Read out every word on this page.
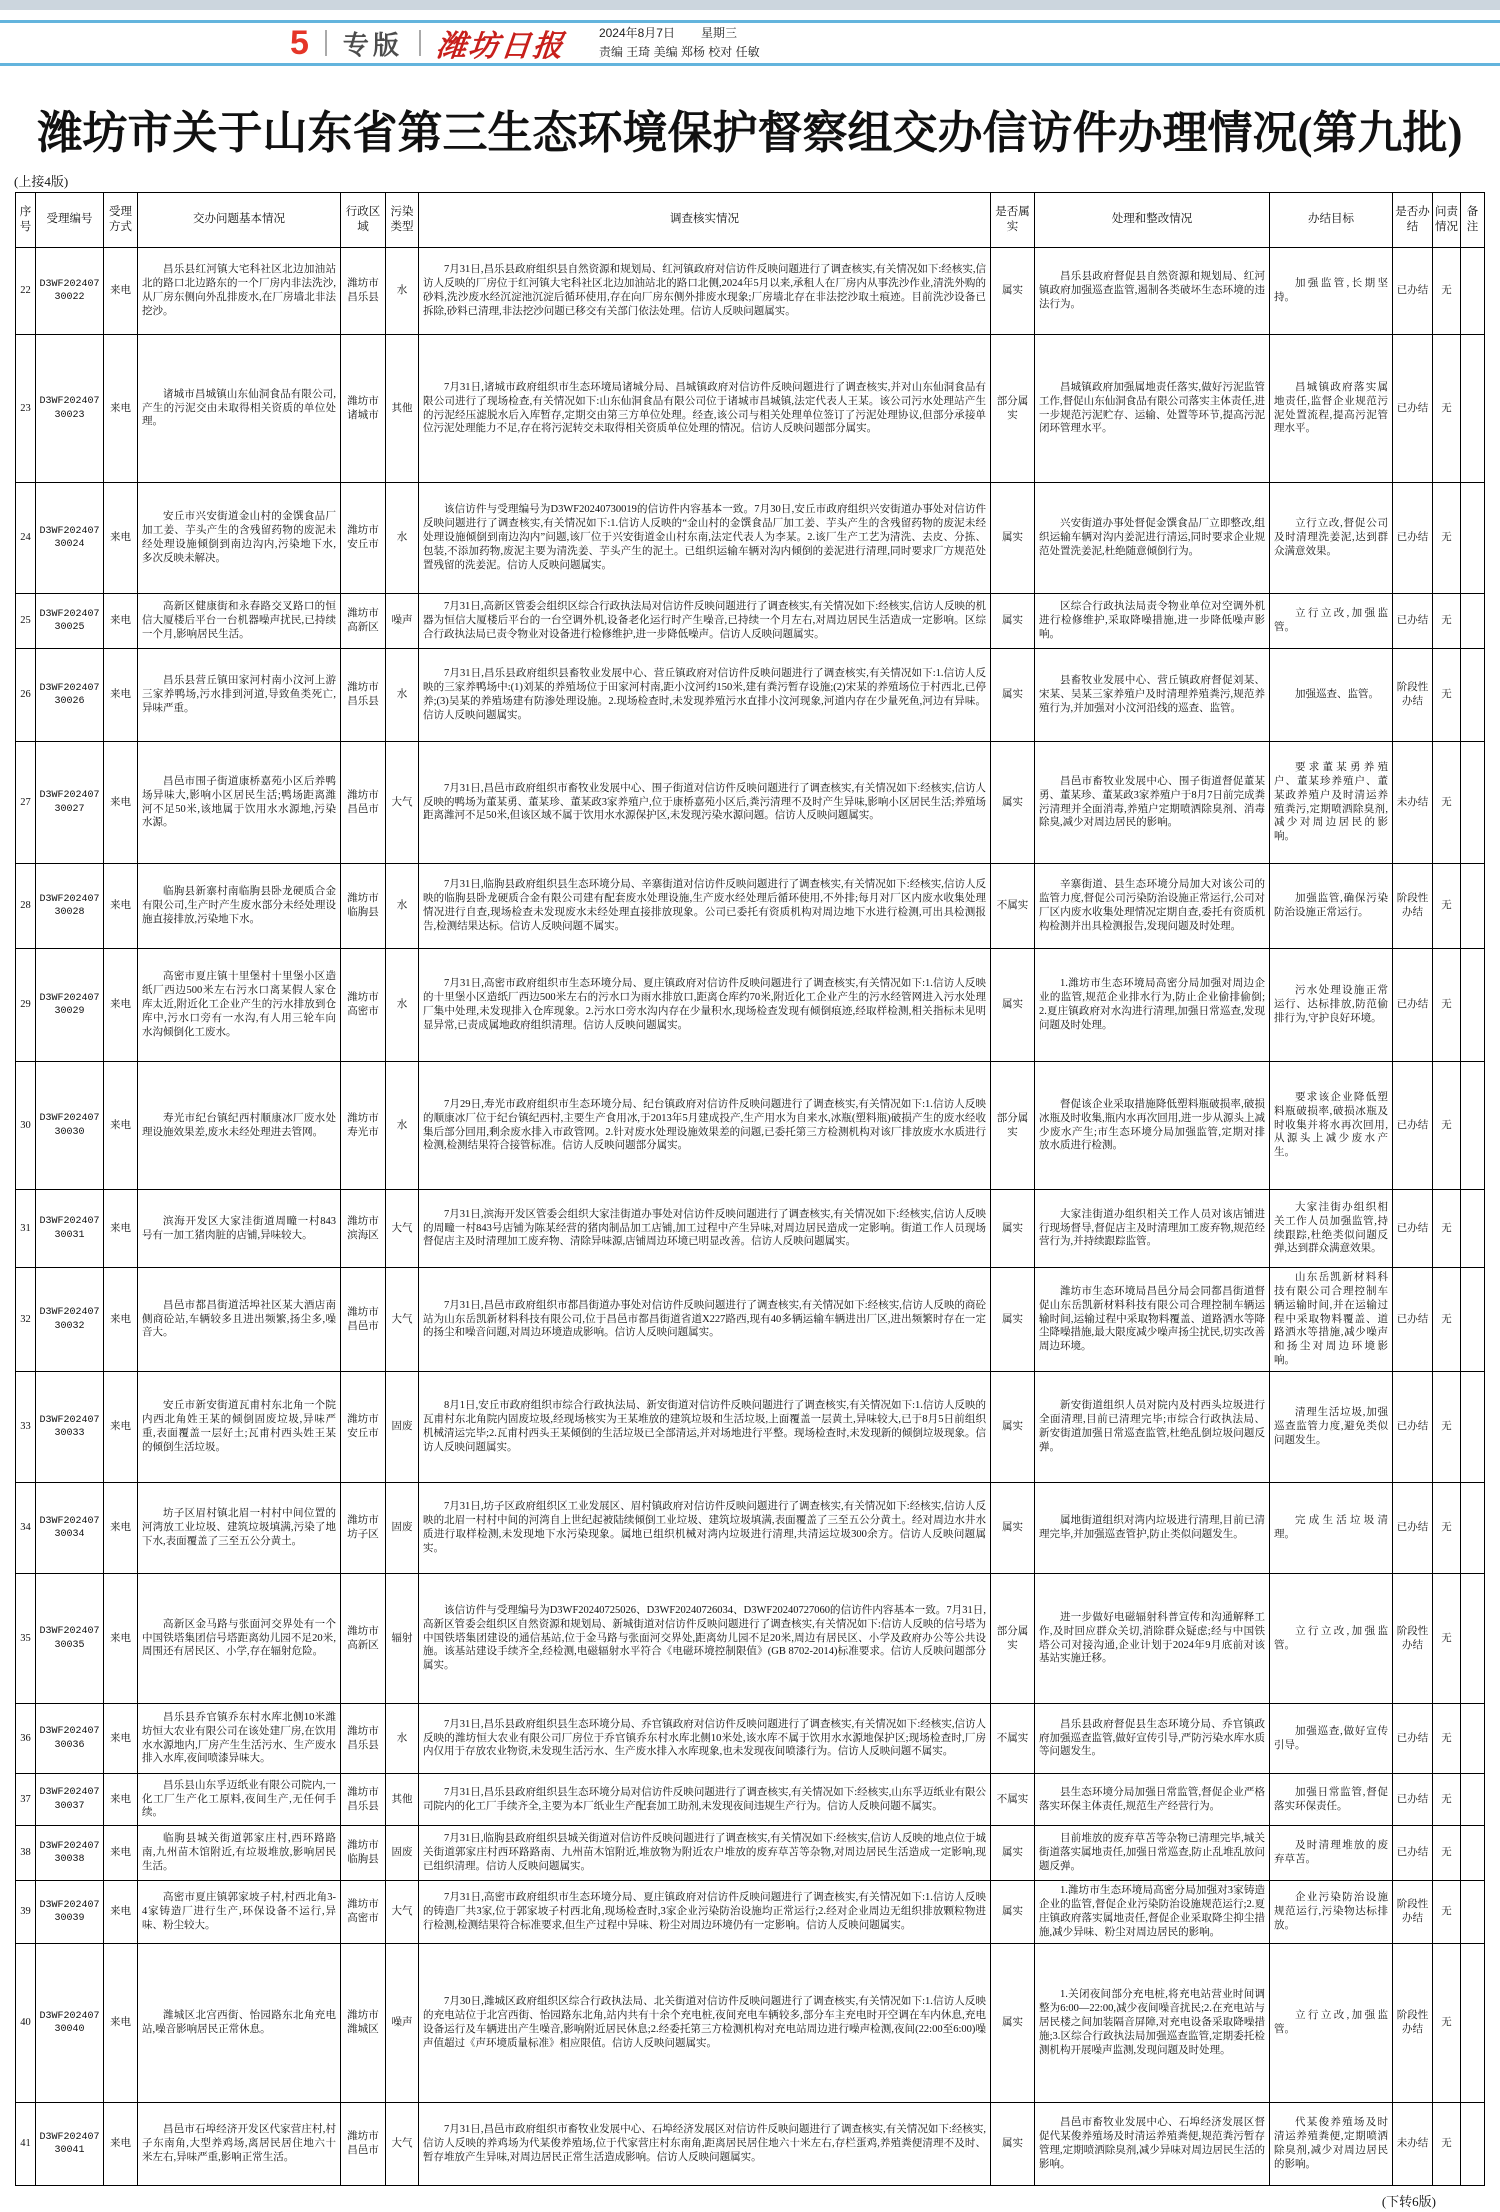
5 专版 潍坊日报	2024年8月7日 星期三
责编 王琦 美编 郑杨 校对 任敏
潍坊市关于山东省第三生态环境保护督察组交办信访件办理情况(第九批)
(上接4版)
序号	受理编号	受理方式	交办问题基本情况	行政区域	污染类型	调查核实情况	是否属实	处理和整改情况	办结目标	是否办结	问责情况	备注
22	D3WF20240730022	来电	昌乐县红河镇大宅科社区北边加油站北的路口北边路东的一个厂房内非法洗沙,从厂房东侧向外乱排废水,在厂房墙北非法挖沙。	潍坊市昌乐县	水	7月31日,昌乐县政府组织县自然资源和规划局、红河镇政府对信访件反映问题进行了调查核实,有关情况如下:经核实,信访人反映的厂房位于红河镇大宅科社区北边加油站北的路口北侧,2024年5月以来,承租人在厂房内从事洗沙作业,清洗外购的砂料,洗沙废水经沉淀池沉淀后循环使用,存在向厂房东侧外排废水现象;厂房墙北存在非法挖沙取土痕迹。目前洗沙设备已拆除,砂料已清理,非法挖沙问题已移交有关部门依法处理。信访人反映问题属实。	属实	昌乐县政府督促县自然资源和规划局、红河镇政府加强巡查监管,遏制各类破坏生态环境的违法行为。	加强监管,长期坚持。	已办结	无	
23	D3WF20240730023	来电	诸城市昌城镇山东仙洞食品有限公司,产生的污泥交由未取得相关资质的单位处理。	潍坊市诸城市	其他	7月31日,诸城市政府组织市生态环境局诸城分局、昌城镇政府对信访件反映问题进行了调查核实,并对山东仙洞食品有限公司进行了现场检查,有关情况如下:山东仙洞食品有限公司位于诸城市昌城镇,法定代表人王某。该公司污水处理站产生的污泥经压滤脱水后入库暂存,定期交由第三方单位处理。经查,该公司与相关处理单位签订了污泥处理协议,但部分承接单位污泥处理能力不足,存在将污泥转交未取得相关资质单位处理的情况。信访人反映问题部分属实。	部分属实	昌城镇政府加强属地责任落实,做好污泥监管工作,督促山东仙洞食品有限公司落实主体责任,进一步规范污泥贮存、运输、处置等环节,提高污泥闭环管理水平。	昌城镇政府落实属地责任,监督企业规范污泥处置流程,提高污泥管理水平。	已办结	无	
24	D3WF20240730024	来电	安丘市兴安街道金山村的金馔食品厂加工姜、芋头产生的含残留药物的废泥未经处理设施倾倒到南边沟内,污染地下水,多次反映未解决。	潍坊市安丘市	水	该信访件与受理编号为D3WF20240730019的信访件内容基本一致。7月30日,安丘市政府组织兴安街道办事处对信访件反映问题进行了调查核实,有关情况如下:1.信访人反映的“金山村的金馔食品厂加工姜、芋头产生的含残留药物的废泥未经处理设施倾倒到南边沟内”问题,该厂位于兴安街道金山村东南,法定代表人为李某。2.该厂生产工艺为清洗、去皮、分拣、包装,不添加药物,废泥主要为清洗姜、芋头产生的泥土。已组织运输车辆对沟内倾倒的姜泥进行清理,同时要求厂方规范处置残留的洗姜泥。信访人反映问题属实。	属实	兴安街道办事处督促金馔食品厂立即整改,组织运输车辆对沟内姜泥进行清运,同时要求企业规范处置洗姜泥,杜绝随意倾倒行为。	立行立改,督促公司及时清理洗姜泥,达到群众满意效果。	已办结	无	
25	D3WF20240730025	来电	高新区健康街和永春路交叉路口的恒信大厦楼后平台一台机器噪声扰民,已持续一个月,影响居民生活。	潍坊市高新区	噪声	7月31日,高新区管委会组织区综合行政执法局对信访件反映问题进行了调查核实,有关情况如下:经核实,信访人反映的机器为恒信大厦楼后平台的一台空调外机,设备老化运行时产生噪音,已持续一个月左右,对周边居民生活造成一定影响。区综合行政执法局已责令物业对设备进行检修维护,进一步降低噪声。信访人反映问题属实。	属实	区综合行政执法局责令物业单位对空调外机进行检修维护,采取降噪措施,进一步降低噪声影响。	立行立改,加强监管。	已办结	无	
26	D3WF20240730026	来电	昌乐县营丘镇田家河村南小汶河上游三家养鸭场,污水排到河道,导致鱼类死亡,异味严重。	潍坊市昌乐县	水	7月31日,昌乐县政府组织县畜牧业发展中心、营丘镇政府对信访件反映问题进行了调查核实,有关情况如下:1.信访人反映的三家养鸭场中:(1)刘某的养殖场位于田家河村南,距小汶河约150米,建有粪污暂存设施;(2)宋某的养殖场位于村西北,已停养;(3)吴某的养殖场建有防渗处理设施。2.现场检查时,未发现养殖污水直排小汶河现象,河道内存在少量死鱼,河边有异味。信访人反映问题属实。	属实	县畜牧业发展中心、营丘镇政府督促刘某、宋某、吴某三家养殖户及时清理养殖粪污,规范养殖行为,并加强对小汶河沿线的巡查、监管。	加强巡查、监管。	阶段性办结	无	
27	D3WF20240730027	来电	昌邑市围子街道康桥嘉苑小区后养鸭场异味大,影响小区居民生活;鸭场距离潍河不足50米,该地属于饮用水水源地,污染水源。	潍坊市昌邑市	大气	7月31日,昌邑市政府组织市畜牧业发展中心、围子街道对信访件反映问题进行了调查核实,有关情况如下:经核实,信访人反映的鸭场为董某勇、董某珍、董某政3家养殖户,位于康桥嘉苑小区后,粪污清理不及时产生异味,影响小区居民生活;养殖场距离潍河不足50米,但该区域不属于饮用水水源保护区,未发现污染水源问题。信访人反映问题属实。	属实	昌邑市畜牧业发展中心、围子街道督促董某勇、董某珍、董某政3家养殖户于8月7日前完成粪污清理并全面消毒,养殖户定期喷洒除臭剂、消毒除臭,减少对周边居民的影响。	要求董某勇养殖户、董某珍养殖户、董某政养殖户及时清运养殖粪污,定期喷洒除臭剂,减少对周边居民的影响。	未办结	无	
28	D3WF20240730028	来电	临朐县新寨村南临朐县卧龙硬质合金有限公司,生产时产生废水部分未经处理设施直接排放,污染地下水。	潍坊市临朐县	水	7月31日,临朐县政府组织县生态环境分局、辛寨街道对信访件反映问题进行了调查核实,有关情况如下:经核实,信访人反映的临朐县卧龙硬质合金有限公司建有配套废水处理设施,生产废水经处理后循环使用,不外排;每月对厂区内废水收集处理情况进行自查,现场检查未发现废水未经处理直接排放现象。公司已委托有资质机构对周边地下水进行检测,可出具检测报告,检测结果达标。信访人反映问题不属实。	不属实	辛寨街道、县生态环境分局加大对该公司的监管力度,督促公司污染防治设施正常运行,公司对厂区内废水收集处理情况定期自查,委托有资质机构检测并出具检测报告,发现问题及时处理。	加强监管,确保污染防治设施正常运行。	阶段性办结	无	
29	D3WF20240730029	来电	高密市夏庄镇十里堡村十里堡小区造纸厂西边500米左右污水口离某假人家仓库太近,附近化工企业产生的污水排放到仓库中,污水口旁有一水沟,有人用三轮车向水沟倾倒化工废水。	潍坊市高密市	水	7月31日,高密市政府组织市生态环境分局、夏庄镇政府对信访件反映问题进行了调查核实,有关情况如下:1.信访人反映的十里堡小区造纸厂西边500米左右的污水口为雨水排放口,距离仓库约70米,附近化工企业产生的污水经管网进入污水处理厂集中处理,未发现排入仓库现象。2.污水口旁水沟内存在少量积水,现场检查发现有倾倒痕迹,经取样检测,相关指标未见明显异常,已责成属地政府组织清理。信访人反映问题属实。	属实	1.潍坊市生态环境局高密分局加强对周边企业的监管,规范企业排水行为,防止企业偷排偷倒;2.夏庄镇政府对水沟进行清理,加强日常巡查,发现问题及时处理。	污水处理设施正常运行、达标排放,防范偷排行为,守护良好环境。	已办结	无	
30	D3WF20240730030	来电	寿光市纪台镇纪西村顺康冰厂废水处理设施效果差,废水未经处理进去管网。	潍坊市寿光市	水	7月29日,寿光市政府组织市生态环境分局、纪台镇政府对信访件反映问题进行了调查核实,有关情况如下:1.信访人反映的顺康冰厂位于纪台镇纪西村,主要生产食用冰,于2013年5月建成投产,生产用水为自来水,冰瓶(塑料瓶)破损产生的废水经收集后部分回用,剩余废水排入市政管网。2.针对废水处理设施效果差的问题,已委托第三方检测机构对该厂排放废水水质进行检测,检测结果符合接管标准。信访人反映问题部分属实。	部分属实	督促该企业采取措施降低塑料瓶破损率,破损冰瓶及时收集,瓶内水再次回用,进一步从源头上减少废水产生;市生态环境分局加强监管,定期对排放水质进行检测。	要求该企业降低塑料瓶破损率,破损冰瓶及时收集并将水再次回用,从源头上减少废水产生。	已办结	无	
31	D3WF20240730031	来电	滨海开发区大家洼街道周疃一村843号有一加工猪肉脏的店铺,异味较大。	潍坊市滨海区	大气	7月31日,滨海开发区管委会组织大家洼街道办事处对信访件反映问题进行了调查核实,有关情况如下:经核实,信访人反映的周疃一村843号店铺为陈某经营的猪肉制品加工店铺,加工过程中产生异味,对周边居民造成一定影响。街道工作人员现场督促店主及时清理加工废弃物、清除异味源,店铺周边环境已明显改善。信访人反映问题属实。	属实	大家洼街道办组织相关工作人员对该店铺进行现场督导,督促店主及时清理加工废弃物,规范经营行为,并持续跟踪监管。	大家洼街办组织相关工作人员加强监管,持续跟踪,杜绝类似问题反弹,达到群众满意效果。	已办结	无	
32	D3WF20240730032	来电	昌邑市都昌街道活埠社区某大酒店南侧商砼站,车辆较多且进出频繁,扬尘多,噪音大。	潍坊市昌邑市	大气	7月31日,昌邑市政府组织市都昌街道办事处对信访件反映问题进行了调查核实,有关情况如下:经核实,信访人反映的商砼站为山东岳凯新材料科技有限公司,位于昌邑市都昌街道省道X227路西,现有40多辆运输车辆进出厂区,进出频繁时存在一定的扬尘和噪音问题,对周边环境造成影响。信访人反映问题属实。	属实	潍坊市生态环境局昌邑分局会同都昌街道督促山东岳凯新材料科技有限公司合理控制车辆运输时间,运输过程中采取物料覆盖、道路洒水等降尘降噪措施,最大限度减少噪声扬尘扰民,切实改善周边环境。	山东岳凯新材料科技有限公司合理控制车辆运输时间,并在运输过程中采取物料覆盖、道路洒水等措施,减少噪声和扬尘对周边环境影响。	已办结	无	
33	D3WF20240730033	来电	安丘市新安街道瓦甫村东北角一个院内西北角姓王某的倾倒固废垃圾,异味严重,表面覆盖一层好土;瓦甫村西头姓王某的倾倒生活垃圾。	潍坊市安丘市	固废	8月1日,安丘市政府组织市综合行政执法局、新安街道对信访件反映问题进行了调查核实,有关情况如下:1.信访人反映的瓦甫村东北角院内固废垃圾,经现场核实为王某堆放的建筑垃圾和生活垃圾,上面覆盖一层黄土,异味较大,已于8月5日前组织机械清运完毕;2.瓦甫村西头王某倾倒的生活垃圾已全部清运,并对场地进行平整。现场检查时,未发现新的倾倒垃圾现象。信访人反映问题属实。	属实	新安街道组织人员对院内及村西头垃圾进行全面清理,目前已清理完毕;市综合行政执法局、新安街道加强日常巡查监管,杜绝乱倒垃圾问题反弹。	清理生活垃圾,加强巡查监管力度,避免类似问题发生。	已办结	无	
34	D3WF20240730034	来电	坊子区眉村镇北眉一村村中间位置的河湾放工业垃圾、建筑垃圾填满,污染了地下水,表面覆盖了三至五公分黄土。	潍坊市坊子区	固废	7月31日,坊子区政府组织区工业发展区、眉村镇政府对信访件反映问题进行了调查核实,有关情况如下:经核实,信访人反映的北眉一村村中间的河湾自上世纪起被陆续倾倒工业垃圾、建筑垃圾填满,表面覆盖了三至五公分黄土。经对周边水井水质进行取样检测,未发现地下水污染现象。属地已组织机械对湾内垃圾进行清理,共清运垃圾300余方。信访人反映问题属实。	属实	属地街道组织对湾内垃圾进行清理,目前已清理完毕,并加强巡查管护,防止类似问题发生。	完成生活垃圾清理。	已办结	无	
35	D3WF20240730035	来电	高新区金马路与张面河交界处有一个中国铁塔集团信号塔距离幼儿园不足20米,周围还有居民区、小学,存在辐射危险。	潍坊市高新区	辐射	该信访件与受理编号为D3WF20240725026、D3WF20240726034、D3WF20240727060的信访件内容基本一致。7月31日,高新区管委会组织区自然资源和规划局、新城街道对信访件反映问题进行了调查核实,有关情况如下:信访人反映的信号塔为中国铁塔集团建设的通信基站,位于金马路与张面河交界处,距离幼儿园不足20米,周边有居民区、小学及政府办公等公共设施。该基站建设手续齐全,经检测,电磁辐射水平符合《电磁环境控制限值》(GB 8702-2014)标准要求。信访人反映问题部分属实。	部分属实	进一步做好电磁辐射科普宣传和沟通解释工作,及时回应群众关切,消除群众疑虑;经与中国铁塔公司对接沟通,企业计划于2024年9月底前对该基站实施迁移。	立行立改,加强监管。	阶段性办结	无	
36	D3WF20240730036	来电	昌乐县乔官镇乔东村水库北侧10米潍坊恒大农业有限公司在该处建厂房,在饮用水水源地内,厂房产生生活污水、生产废水排入水库,夜间喷漆异味大。	潍坊市昌乐县	水	7月31日,昌乐县政府组织县生态环境分局、乔官镇政府对信访件反映问题进行了调查核实,有关情况如下:经核实,信访人反映的潍坊恒大农业有限公司厂房位于乔官镇乔东村水库北侧10米处,该水库不属于饮用水水源地保护区;现场检查时,厂房内仅用于存放农业物资,未发现生活污水、生产废水排入水库现象,也未发现夜间喷漆行为。信访人反映问题不属实。	不属实	昌乐县政府督促县生态环境分局、乔官镇政府加强巡查监管,做好宣传引导,严防污染水库水质等问题发生。	加强巡查,做好宣传引导。	已办结	无	
37	D3WF20240730037	来电	昌乐县山东孚迈纸业有限公司院内,一化工厂生产化工原料,夜间生产,无任何手续。	潍坊市昌乐县	其他	7月31日,昌乐县政府组织县生态环境分局对信访件反映问题进行了调查核实,有关情况如下:经核实,山东孚迈纸业有限公司院内的化工厂手续齐全,主要为本厂纸业生产配套加工助剂,未发现夜间违规生产行为。信访人反映问题不属实。	不属实	县生态环境分局加强日常监管,督促企业严格落实环保主体责任,规范生产经营行为。	加强日常监管,督促落实环保责任。	已办结	无	
38	D3WF20240730038	来电	临朐县城关街道郭家庄村,西环路路南,九州苗木馆附近,有垃圾堆放,影响居民生活。	潍坊市临朐县	固废	7月31日,临朐县政府组织县城关街道对信访件反映问题进行了调查核实,有关情况如下:经核实,信访人反映的地点位于城关街道郭家庄村西环路路南、九州苗木馆附近,堆放物为附近农户堆放的废弃草苫等杂物,对周边居民生活造成一定影响,现已组织清理。信访人反映问题属实。	属实	目前堆放的废弃草苫等杂物已清理完毕,城关街道落实属地责任,加强日常巡查,防止乱堆乱放问题反弹。	及时清理堆放的废弃草苫。	已办结	无	
39	D3WF20240730039	来电	高密市夏庄镇郭家坡子村,村西北角3-4家铸造厂进行生产,环保设备不运行,异味、粉尘较大。	潍坊市高密市	大气	7月31日,高密市政府组织市生态环境分局、夏庄镇政府对信访件反映问题进行了调查核实,有关情况如下:1.信访人反映的铸造厂共3家,位于郭家坡子村西北角,现场检查时,3家企业污染防治设施均正常运行;2.经对企业周边无组织排放颗粒物进行检测,检测结果符合标准要求,但生产过程中异味、粉尘对周边环境仍有一定影响。信访人反映问题属实。	属实	1.潍坊市生态环境局高密分局加强对3家铸造企业的监管,督促企业污染防治设施规范运行;2.夏庄镇政府落实属地责任,督促企业采取降尘抑尘措施,减少异味、粉尘对周边居民的影响。	企业污染防治设施规范运行,污染物达标排放。	阶段性办结	无	
40	D3WF20240730040	来电	潍城区北宫西街、怡园路东北角充电站,噪音影响居民正常休息。	潍坊市潍城区	噪声	7月30日,潍城区政府组织区综合行政执法局、北关街道对信访件反映问题进行了调查核实,有关情况如下:1.信访人反映的充电站位于北宫西街、怡园路东北角,站内共有十余个充电桩,夜间充电车辆较多,部分车主充电时开空调在车内休息,充电设备运行及车辆进出产生噪音,影响附近居民休息;2.经委托第三方检测机构对充电站周边进行噪声检测,夜间(22:00至6:00)噪声值超过《声环境质量标准》相应限值。信访人反映问题属实。	属实	1.关闭夜间部分充电桩,将充电站营业时间调整为6:00—22:00,减少夜间噪音扰民;2.在充电站与居民楼之间加装隔音屏障,对充电设备采取降噪措施;3.区综合行政执法局加强巡查监管,定期委托检测机构开展噪声监测,发现问题及时处理。	立行立改,加强监管。	阶段性办结	无	
41	D3WF20240730041	来电	昌邑市石埠经济开发区代家营庄村,村子东南角,大型养鸡场,离居民居住地六十米左右,异味严重,影响正常生活。	潍坊市昌邑市	大气	7月31日,昌邑市政府组织市畜牧业发展中心、石埠经济发展区对信访件反映问题进行了调查核实,有关情况如下:经核实,信访人反映的养鸡场为代某俊养殖场,位于代家营庄村东南角,距离居民居住地六十米左右,存栏蛋鸡,养殖粪便清理不及时、暂存堆放产生异味,对周边居民正常生活造成影响。信访人反映问题属实。	属实	昌邑市畜牧业发展中心、石埠经济发展区督促代某俊养殖场及时清运养殖粪便,规范粪污暂存管理,定期喷洒除臭剂,减少异味对周边居民生活的影响。	代某俊养殖场及时清运养殖粪便,定期喷洒除臭剂,减少对周边居民的影响。	未办结	无	
(下转6版)
